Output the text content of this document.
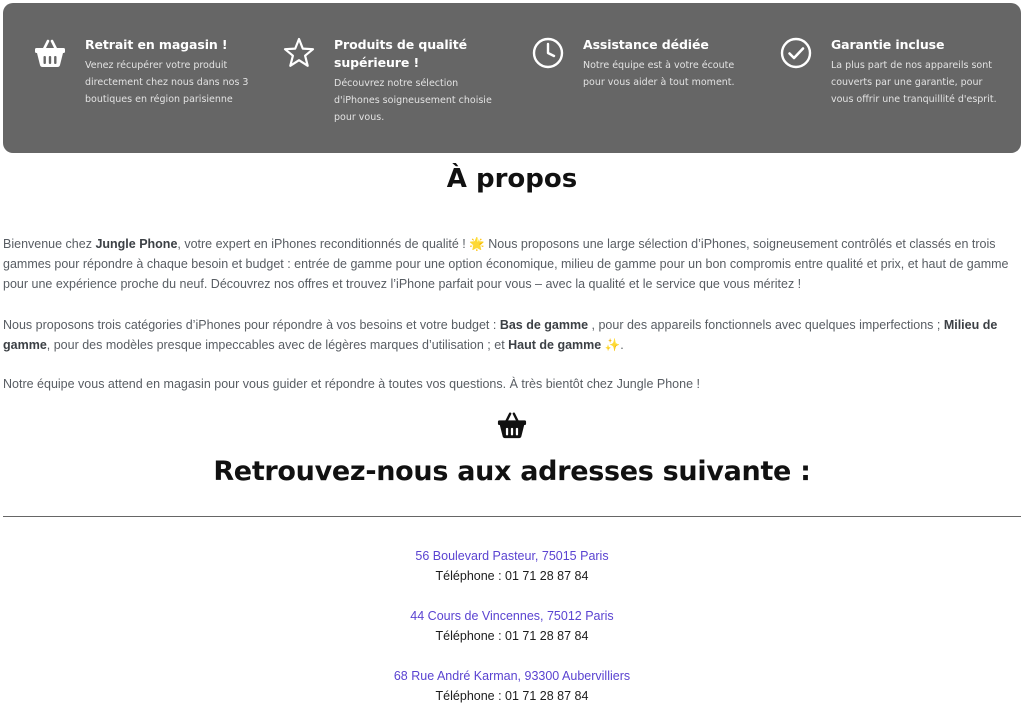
Retrait en magasin !
Venez récupérer votre produit directement chez nous dans nos 3 boutiques en région parisienne
Produits de qualité supérieure !
Découvrez notre sélection d'iPhones soigneusement choisie pour vous.
Assistance dédiée
Notre équipe est à votre écoute pour vous aider à tout moment.
Garantie incluse
La plus part de nos appareils sont couverts par une garantie, pour vous offrir une tranquillité d'esprit.
À propos

Bienvenue chez Jungle Phone, votre expert en iPhones reconditionnés de qualité ! 🌟 Nous proposons une large sélection d’iPhones, soigneusement contrôlés et classés en trois gammes pour répondre à chaque besoin et budget : entrée de gamme pour une option économique, milieu de gamme pour un bon compromis entre qualité et prix, et haut de gamme pour une expérience proche du neuf. Découvrez nos offres et trouvez l’iPhone parfait pour vous – avec la qualité et le service que vous méritez !

Nous proposons trois catégories d’iPhones pour répondre à vos besoins et votre budget : Bas de gamme , pour des appareils fonctionnels avec quelques imperfections ; Milieu de gamme, pour des modèles presque impeccables avec de légères marques d’utilisation ; et Haut de gamme ✨.

Notre équipe vous attend en magasin pour vous guider et répondre à toutes vos questions. À très bientôt chez Jungle Phone !

Retrouvez-nous aux adresses suivante :
56 Boulevard Pasteur, 75015 Paris
Téléphone : 01 71 28 87 84
44 Cours de Vincennes, 75012 Paris
Téléphone : 01 71 28 87 84
68 Rue André Karman, 93300 Aubervilliers
Téléphone : 01 71 28 87 84
